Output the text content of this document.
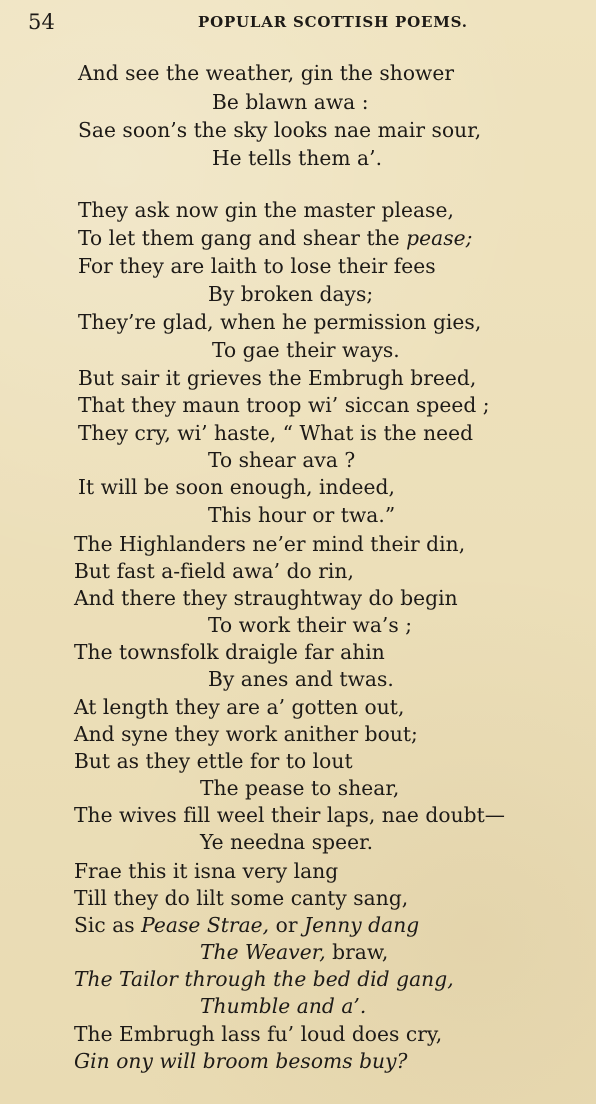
54	POPULAR SCOTTISH POEMS.
And see the weather, gin the shower
Be blawn awa :
Sae soon’s the sky looks nae mair sour,
He tells them a’.
They ask now gin the master please,
To let them gang and shear the pease;
For they are laith to lose their fees
By broken days;
They’re glad, when he permission gies,
To gae their ways.
But sair it grieves the Embrugh breed,
That they maun troop wi’ siccan speed ;
They cry, wi’ haste, “ What is the need
To shear ava ?
It will be soon enough, indeed,
This hour or twa.”
The Highlanders ne’er mind their din,
But fast a-field awa’ do rin,
And there they straughtway do begin
To work their wa’s ;
The townsfolk draigle far ahin
By anes and twas.
At length they are a’ gotten out,
And syne they work anither bout;
But as they ettle for to lout
The pease to shear,
The wives fill weel their laps, nae doubt—
Ye needna speer.
Frae this it isna very lang
Till they do lilt some canty sang,
Sic as Pease Strae, or Jenny dang
The Weaver, braw,
The Tailor through the bed did gang,
Thumble and a’.
The Embrugh lass fu’ loud does cry,
Gin ony will broom besoms buy?
